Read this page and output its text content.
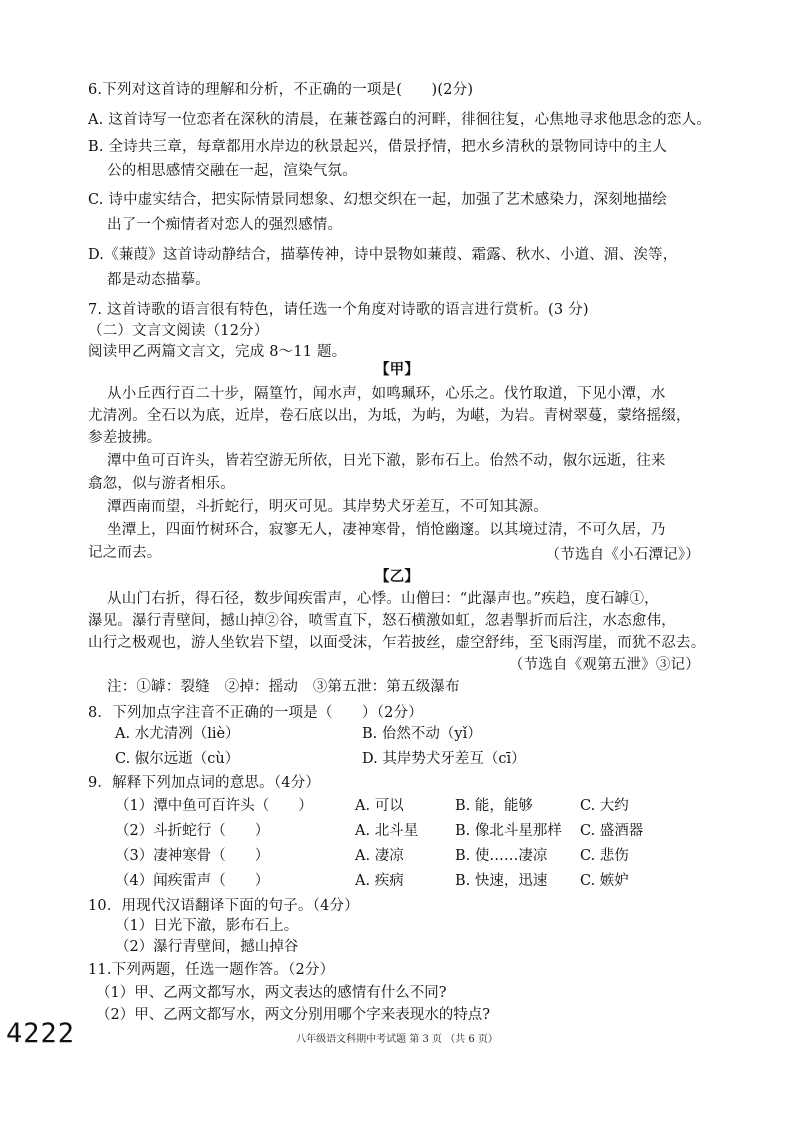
6.下列对这首诗的理解和分析，不正确的一项是(　　)(2分)
A. 这首诗写一位恋者在深秋的清晨，在蒹苍露白的河畔，徘徊往复，心焦地寻求他思念的恋人。
B. 全诗共三章，每章都用水岸边的秋景起兴，借景抒情，把水乡清秋的景物同诗中的主人
公的相思感情交融在一起，渲染气氛。
C. 诗中虚实结合，把实际情景同想象、幻想交织在一起，加强了艺术感染力，深刻地描绘
出了一个痴情者对恋人的强烈感情。
D.《蒹葭》这首诗动静结合，描摹传神，诗中景物如蒹葭、霜露、秋水、小道、湄、涘等，
都是动态描摹。
7. 这首诗歌的语言很有特色，请任选一个角度对诗歌的语言进行赏析。(3 分)
（二）文言文阅读（12分）
阅读甲乙两篇文言文，完成 8～11 题。
【甲】
从小丘西行百二十步，隔篁竹，闻水声，如鸣珮环，心乐之。伐竹取道，下见小潭，水
尤清冽。全石以为底，近岸，卷石底以出，为坻，为屿，为嵁，为岩。青树翠蔓，蒙络摇缀，
参差披拂。
潭中鱼可百许头，皆若空游无所依，日光下澈，影布石上。佁然不动，俶尔远逝，往来
翕忽，似与游者相乐。
潭西南而望，斗折蛇行，明灭可见。其岸势犬牙差互，不可知其源。
坐潭上，四面竹树环合，寂寥无人，凄神寒骨，悄怆幽邃。以其境过清，不可久居，乃
记之而去。	（节选自《小石潭记》）
【乙】
从山门右折，得石径，数步闻疾雷声，心悸。山僧曰：“此瀑声也。”疾趋，度石罅①，
瀑见。瀑行青壁间，撼山掉②谷，喷雪直下，怒石横激如虹，忽砉掣折而后注，水态愈伟，
山行之极观也，游人坐钦岩下望，以面受沫，乍若披丝，虚空舒纬，至飞雨泻崖，而犹不忍去。
（节选自《观第五泄》③记）
注：①罅：裂缝　②掉：摇动　③第五泄：第五级瀑布
8．下列加点字注音不正确的一项是（　　）（2分）
A. 水尤清冽（liè）	B. 佁然不动（yǐ）
C. 俶尔远逝（cù）	D. 其岸势犬牙差互（cī）
9．解释下列加点词的意思。（4分）
（1）潭中鱼可百许头（　　）	A. 可以	B. 能，能够	C. 大约
（2）斗折蛇行（　　）	A. 北斗星	B. 像北斗星那样 C. 盛酒器
（3）凄神寒骨（　　）	A. 凄凉	B. 使……凄凉 C. 悲伤
（4）闻疾雷声（　　）	A. 疾病	B. 快速，迅速 C. 嫉妒
10．用现代汉语翻译下面的句子。（4分）
（1）日光下澈，影布石上。
（2）瀑行青壁间，撼山掉谷
11.下列两题，任选一题作答。（2分）
（1）甲、乙两文都写水，两文表达的感情有什么不同?
（2）甲、乙两文都写水，两文分别用哪个字来表现水的特点?
4222	八年级语文科期中考试题 第 3 页 （共 6 页）
